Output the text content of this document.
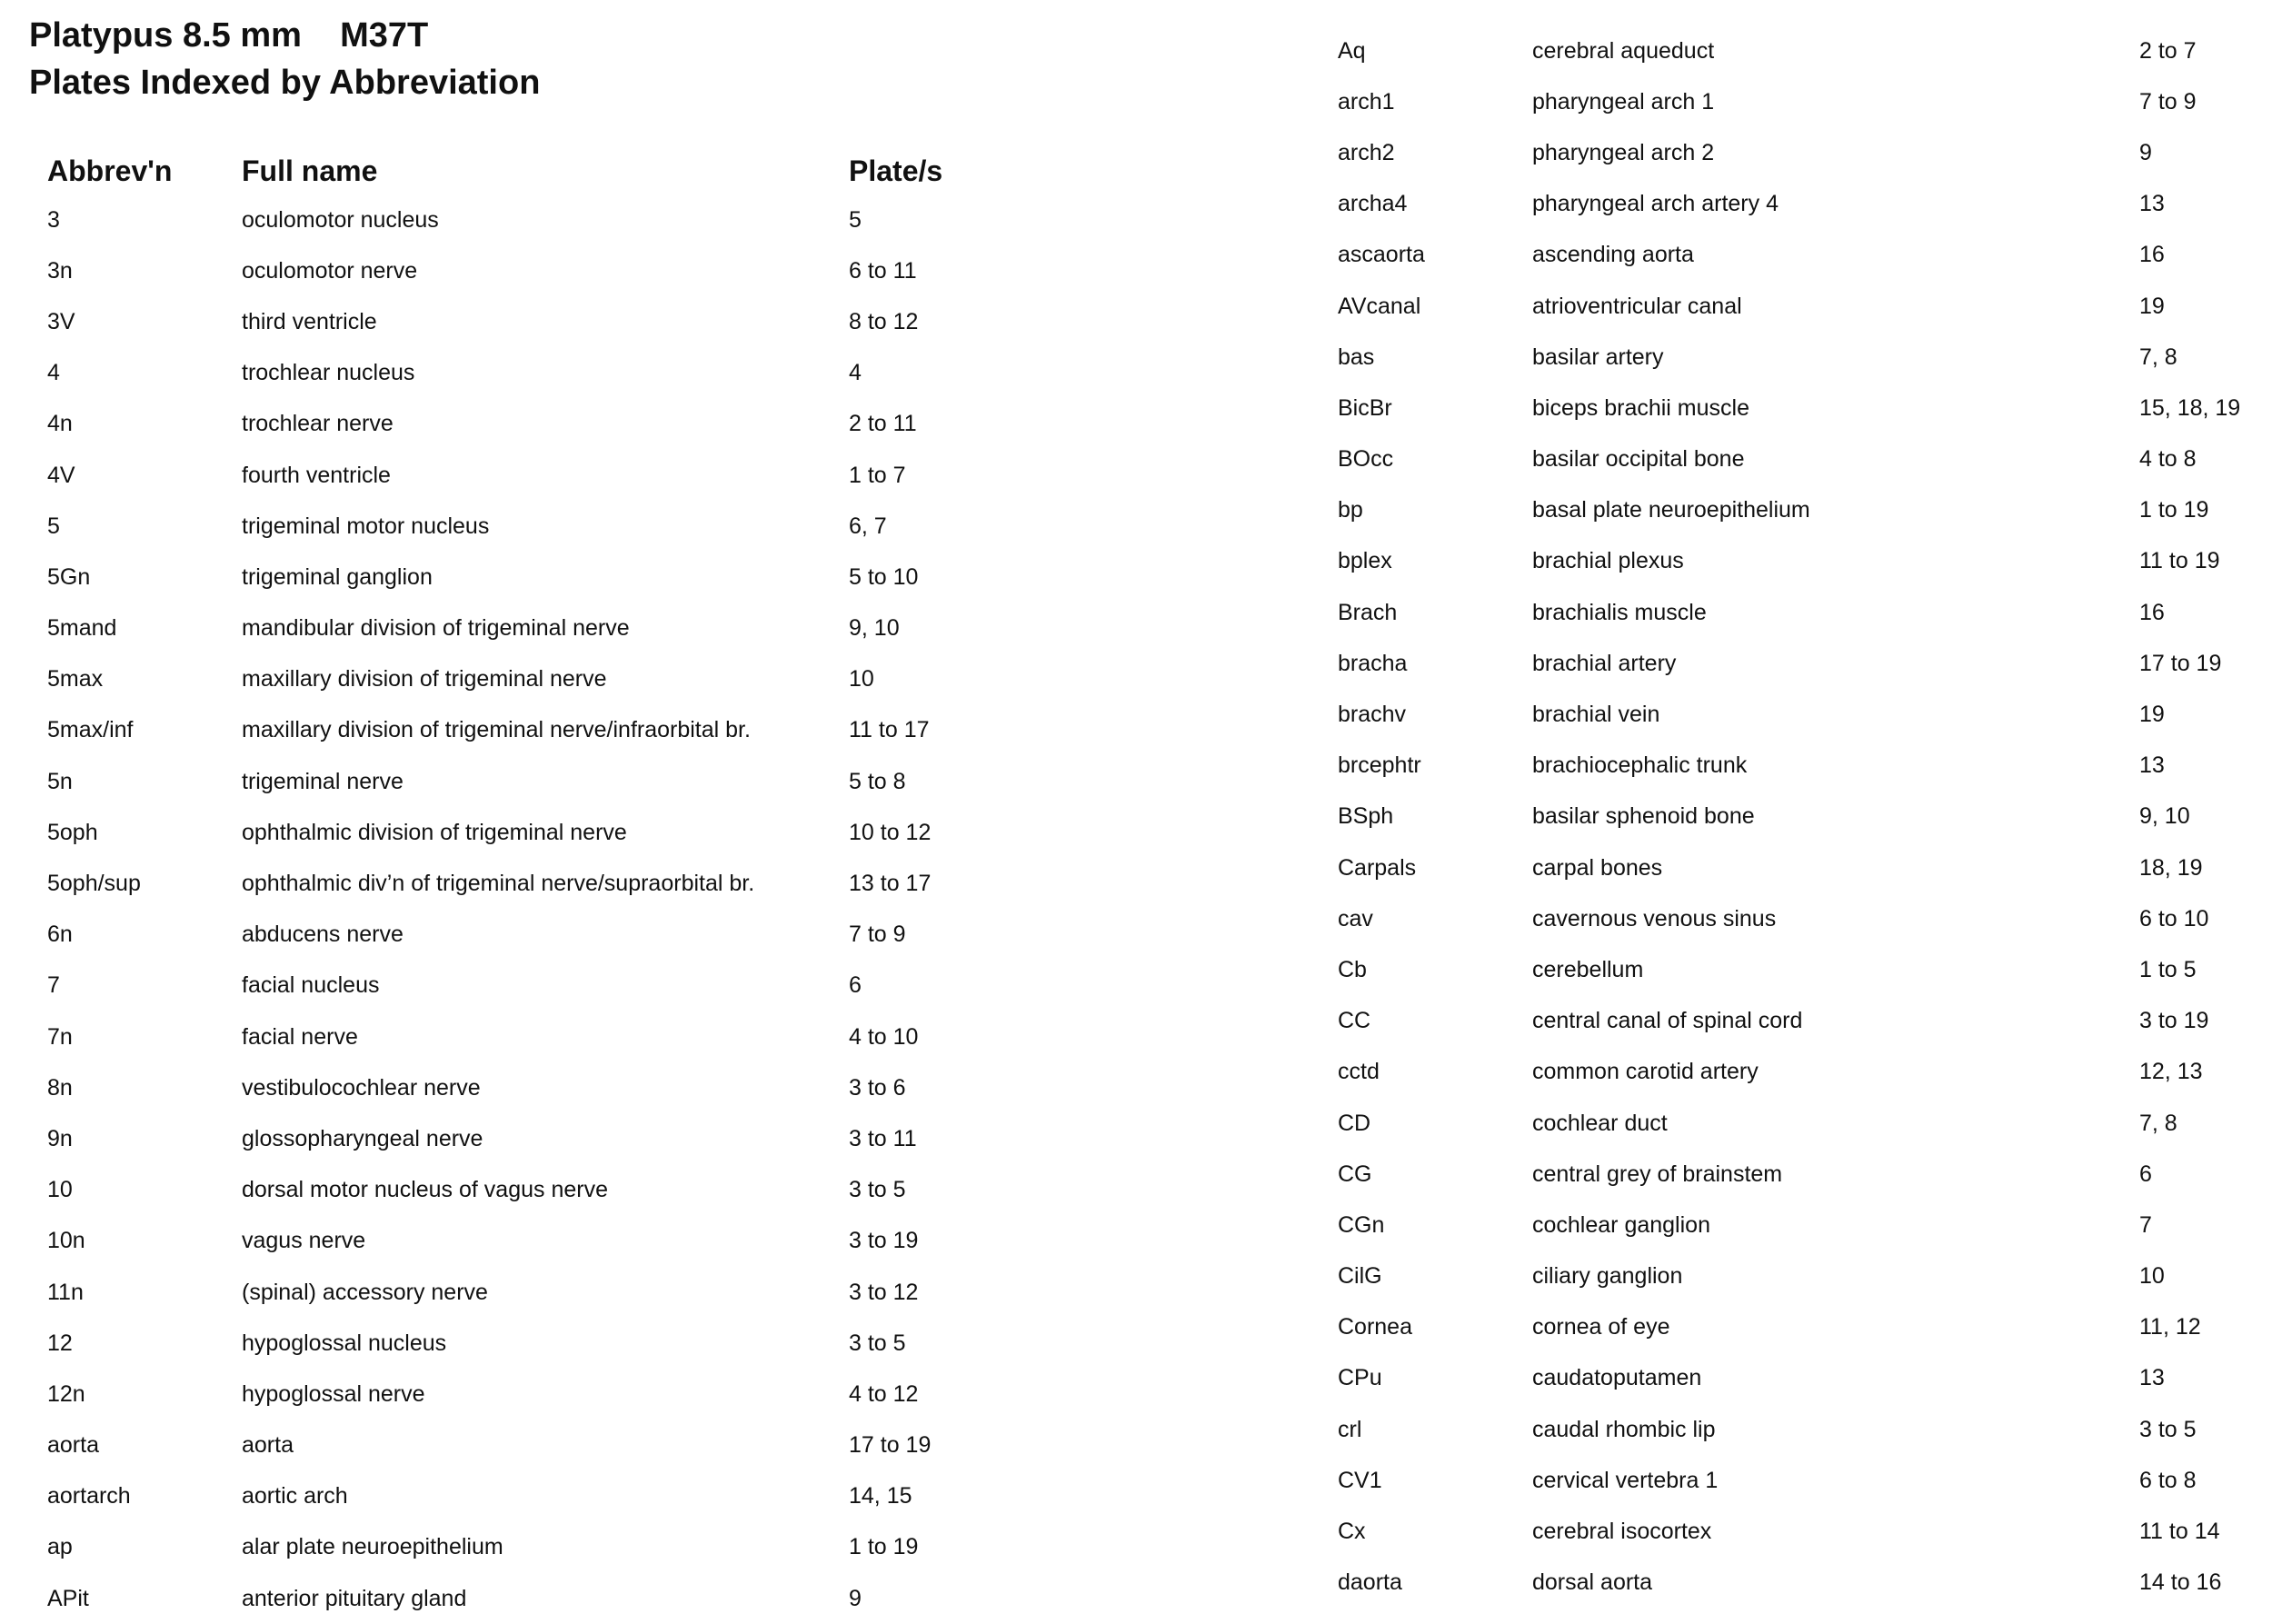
Platypus 8.5 mm    M37T
Plates Indexed by Abbreviation
Abbrev'n	Full name	Plate/s
3	oculomotor nucleus	5
3n	oculomotor nerve	6 to 11
3V	third ventricle	8 to 12
4	trochlear nucleus	4
4n	trochlear nerve	2 to 11
4V	fourth ventricle	1 to 7
5	trigeminal motor nucleus	6, 7
5Gn	trigeminal ganglion	5 to 10
5mand	mandibular division of trigeminal nerve	9, 10
5max	maxillary division of trigeminal nerve	10
5max/inf	maxillary division of trigeminal nerve/infraorbital br.	11 to 17
5n	trigeminal nerve	5 to 8
5oph	ophthalmic division of trigeminal nerve	10 to 12
5oph/sup	ophthalmic div’n of trigeminal nerve/supraorbital br.	13 to 17
6n	abducens nerve	7 to 9
7	facial nucleus	6
7n	facial nerve	4 to 10
8n	vestibulocochlear nerve	3 to 6
9n	glossopharyngeal nerve	3 to 11
10	dorsal motor nucleus of vagus nerve	3 to 5
10n	vagus nerve	3 to 19
11n	(spinal) accessory nerve	3 to 12
12	hypoglossal nucleus	3 to 5
12n	hypoglossal nerve	4 to 12
aorta	aorta	17 to 19
aortarch	aortic arch	14, 15
ap	alar plate neuroepithelium	1 to 19
APit	anterior pituitary gland	9
Aq	cerebral aqueduct	2 to 7
arch1	pharyngeal arch 1	7 to 9
arch2	pharyngeal arch 2	9
archa4	pharyngeal arch artery 4	13
ascaorta	ascending aorta	16
AVcanal	atrioventricular canal	19
bas	basilar artery	7, 8
BicBr	biceps brachii muscle	15, 18, 19
BOcc	basilar occipital bone	4 to 8
bp	basal plate neuroepithelium	1 to 19
bplex	brachial plexus	11 to 19
Brach	brachialis muscle	16
bracha	brachial artery	17 to 19
brachv	brachial vein	19
brcephtr	brachiocephalic trunk	13
BSph	basilar sphenoid bone	9, 10
Carpals	carpal bones	18, 19
cav	cavernous venous sinus	6 to 10
Cb	cerebellum	1 to 5
CC	central canal of spinal cord	3 to 19
cctd	common carotid artery	12, 13
CD	cochlear duct	7, 8
CG	central grey of brainstem	6
CGn	cochlear ganglion	7
CilG	ciliary ganglion	10
Cornea	cornea of eye	11, 12
CPu	caudatoputamen	13
crl	caudal rhombic lip	3 to 5
CV1	cervical vertebra 1	6 to 8
Cx	cerebral isocortex	11 to 14
daorta	dorsal aorta	14 to 16
